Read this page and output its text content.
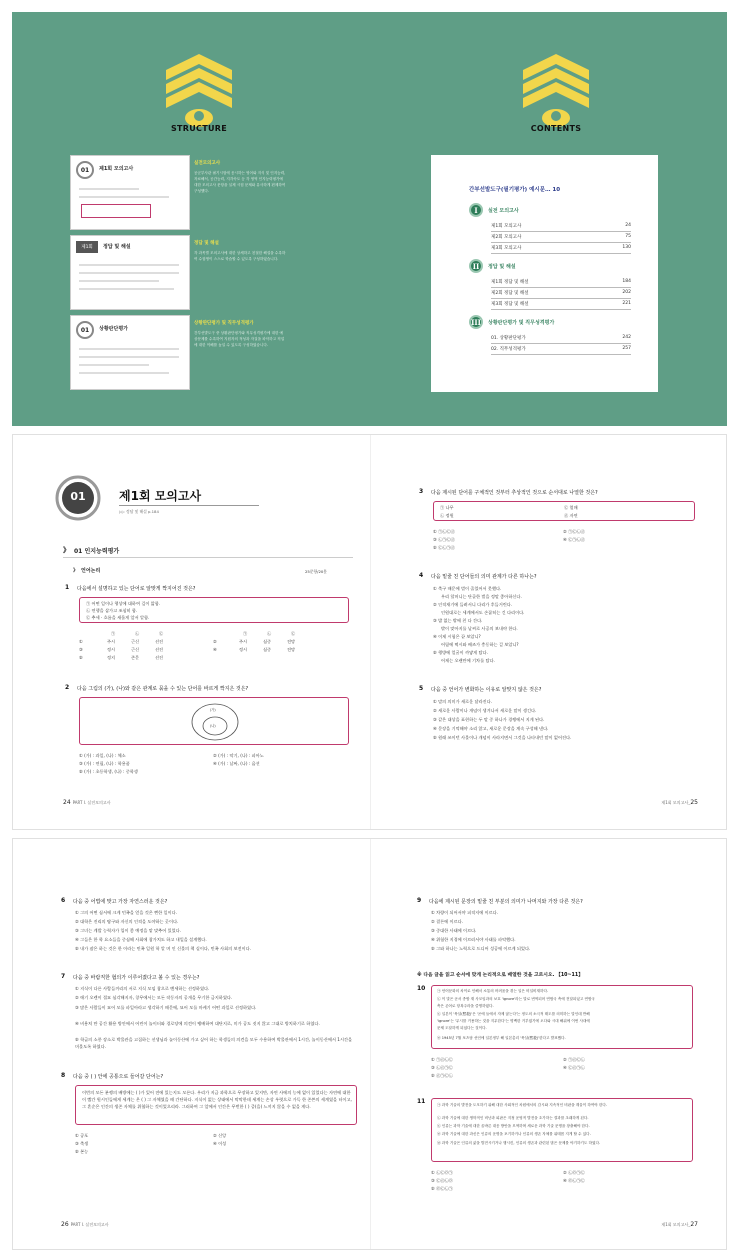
STRUCTURE	CONTENTS
01	제1회 모의고사
제1회	정답 및 해설
01	상황판단평가
실전모의고사
공군부사관 필기시험에 응시하는 영어와 지식 및 인지능력, 자료해석, 공간능력, 지각속도 등 각 영역 인지능력평가에 대한 모의고사 문항을 실제 시험 문제와 유사하게 편제하여 구성했다.
정답 및 해설
각 과목별 모의고사에 대한 상세하고 친절한 해설을 수록하여 수험생이 스스로 학습할 수 있도록 구성하였습니다.
상황판단평가 및 직무성격평가
간부선발도구 중 상황판단평가와 직무성격평가에 대한 예상문제를 수록하여 지원자의 적성과 자질을 파악하고 직업에 대한 이해를 높일 수 있도록 구성하였습니다.
간부선발도구(필기평가) 예시문… 10
I	실전 모의고사
제1회 모의고사	24
제2회 모의고사	75
제3회 모의고사	130
II	정답 및 해설
제1회 정답 및 해설	184
제2회 정답 및 해설	202
제3회 정답 및 해설	221
III	상황판단평가 및 직무성격평가
01. 상황판단평가	242
02. 직무성격평가	257
01	제1회 모의고사
▷▷ 정답 및 해설 p.184
》 01 인지능력평가
》 언어논리	25문항/20분
1 다음에서 설명하고 있는 단어로 알맞게 짝지어진 것은?
㉠ 어떤 일이나 행상에 대하여 깊이 앎함.
㉡ 연행을 삼가고 조심히 함.
㉢ 추세 · 흐름을 새롭게 앞서 알함.
㉠	㉡	㉢	㉠	㉡	㉢
①	주시	근신	선진
③	정시	근신	선진
⑤	정지	존문	선진
②	주시	심중	전망
④	정시	심중	전망
2 다음 그림의 (가), (나)와 같은 관계로 묶을 수 있는 단어를 바르게 짝지은 것은?
(가)
(나)
① (가) : 과일, (나) : 체소	② (가) : 악기, (나) : 피아노
③ (가) : 연필, (나) : 학용품	④ (가) : 날짜, (나) : 옵션
⑤ (가) : 초등학생, (나) : 중학생
24 PART Ⅰ. 실전모의고사
3 다음 제시된 단어를 구체적인 것부터 추상적인 것으로 순서대로 나열한 것은?
㉠ 나무	㉢ 열매
㉡ 정원	㉣ 자연
① ㉠㉡㉢㉣	② ㉠㉢㉡㉣
③ ㉡㉠㉢㉣	④ ㉢㉠㉡㉣
⑤ ㉢㉡㉠㉣
4 다음 밑줄 친 단어들의 의미 관계가 다른 하나는?
① 축구 때문에 벌이 줄었어서 못했다.
우리 할머니는 단골한 벌을 정말 좋아하신다.
② 인적재기에 들려서니 다리가 후들거린다.
인원대로는 세계에서도 손꼽히는 긴 다리이다.
③ 밥 없는 밖에 친 다 간다.
밖이 맞아지를 날씨로 사공의 보내야 한다.
④ 이제 시험은 끝 보았니?
어릴에 떡시와 배즈가 충동하는 걸 보았니?
⑤ 행방에 얼굴이 까맣게 탔다.
어제는 오랜만에 기차를 탔다.
5 다음 중 언어가 변화하는 이유로 알맞지 않은 것은?
① 말의 의미가 새로운 달라진다.
② 새로운 사람이나 개념이 생겨나서 새로운 말이 생긴다.
③ 같은 대상을 표현하는 두 말 중 하나가 경쟁에서 지게 된다.
④ 문장을 기억해야 소리 않고, 새로운 문장을 계속 구성해 낸다.
⑤ 원래 쓰이던 사물이나 개념이 사라지면서 그것을 나타내던 말이 없어진다.
제1회 모의고사_25
6 다음 중 어법에 맞고 가장 자연스러운 것은?
① 그의 어떤 심서에 크게 민족을 얻을 것은 뻔한 일이다.
② 대학은 진리의 탐구와 자신의 인격을 도야하는 곳이다.
③ 그녀는 계발 능력자가 입이 좋 예정을 맡 맞추어 있었다.
④ 그들은 한 학 요소들을 중심해 사회에 참가치도 하고 내일을 설계했다.
⑤ 내가 잠은 하는 것은 한 이라는 민족 일원 학 알 며 인 신물의 책 실이다, 민족 사회의 보전이다.
7 다음 중 바람직한 협의가 이루어졌다고 볼 수 있는 경우는?
① 지식이 다른 사람들끼리의 서로 지식 모임 참으로 벤세하는 선정하였다.
② 애기 오렌이 절묘 심각해지자, 창무에서는 모든 작동자의 공개을 무기한 금지하였다.
③ 많은 사람들이 묘어 모를 파일아라고 생각하기 때문에, 묘어 모를 마케기 어떤 과일로 선정하였다.
④ 비용처 만 공간 활용 방안에서 어린이 놀이터와 경로당에 의견이 팽배하여 대단지로, 미가 공도 짓지 않고 그대로 방치하기로 하였다.
⑤ 학급의 소풍 장소로 박물관을 고집하는 선생님과 놀이동산에 가고 싶어 하는 학생들의 의견을 모두 수용하여 박물관에서 1시간, 놀이동산에서 1시간을 머물도록 하였다.
8 다음 중 ( ) 안에 공통으로 들어갈 단어는?
이번의 모든 분쟁의 배방에는 ( )가 있어 전에 있는지도 모른다. 우리가 지금 과학으로 무장하고 있지만, 자연 사에의 능에 없이 있었다는 자연에 대한이 빨간 원시인들에게 세계는 온 ( ) 그 자체였을 때 간단하다. 지식이 없는 상태에서 막막한데 세계는 손상 우렷으로 가득 한 존쓴의 세계였을 터이고, 그 혼순은 인간의 생존 자체를 위협하는 것이었으리라. 그러하여 그 앞에서 인간은 무번한 ( ) 증(을) 느끼지 않을 수 없을 게다.
① 공포	② 신앙
③ 축생	④ 이성
⑤ 본능
26 PART Ⅰ. 실전모의고사
9 다음에 제시된 문장의 밑줄 친 부분의 의미가 나머지와 가장 다른 것은?
① 차량이 되어서야 피적저에 이르다.
② 결론에 이르다.
③ 중대한 사태에 이르다.
④ 위험한 지경에 이르러서야 사태를 파악했다.
⑤ 그와 하나는 노력으로 드디어 성공에 이르게 되었다.
※ 다음 글을 읽고 순서에 맞게 논리적으로 배열한 것을 고르시오. 【10~11】
10	㉠ 언어문화의 차이로 인해서 소통의 어려움을 겪는 일은 비일비재하다.
㉡ 이 말은 곧서 종합 재 사모임과의 보호 'ignore'라는 말로 번역되어 연합국 측에 전달되었고 연합국
측은 존어로 항복주라을 즐명하였다.
㉢ 일본이 '묵살(黙殺)'은 '곧에 들에서 자제 않는다'는 정도의 소극적 태도를 의미하는 말인데 반해
'ignore'는 '무시를 거용하는 것을 지무한다'는 명백한 거부였기에 오다와 시대 해위에 이번 사대에
문제 도달하게 되었다는 것이다.
㉣ 1945년 7월 포츠담 선언에 일본정부 해 일본총리 '묵살(黙殺)'한다고 발표했다.
① ㉠㉣㉡㉢	② ㉠㉣㉢㉡
③ ㉡㉣㉠㉢	④ ㉢㉣㉠㉡
⑤ ㉣㉠㉢㉡
11	㉠ 과학 기술의 발전을 도모하기 위해 대한 사회적인 차원에서의 감시와 지속적인 비판을 계울이 하여야 한다.
㉡ 과학 기술에 대한 생학적인 비난과 피판은 지정 운영적 발전을 초가하는 결과를 초래하게 된다.
㉢ 인류는 과학 기술에 대한 올바른 대응 방안을 모색하며 새로운 과학 기술 문명을 창출해야 한다.
㉣ 과학 기술에 대한 과신은 인류의 운명을 포기하거나 인류의 생존 자체를 위태롭 지게 할 수 있다.
㉤ 과학 기술은 인류의 삶을 발전시키거나 행시킨, 인류의 생존과 관련된 많은 문제를 야기하기도 하였다.
① ㉡㉢㉤㉠	② ㉡㉤㉠㉢
③ ㉢㉣㉡㉤	④ ㉤㉡㉠㉢
⑤ ㉤㉢㉡㉠
제1회 모의고사_27
